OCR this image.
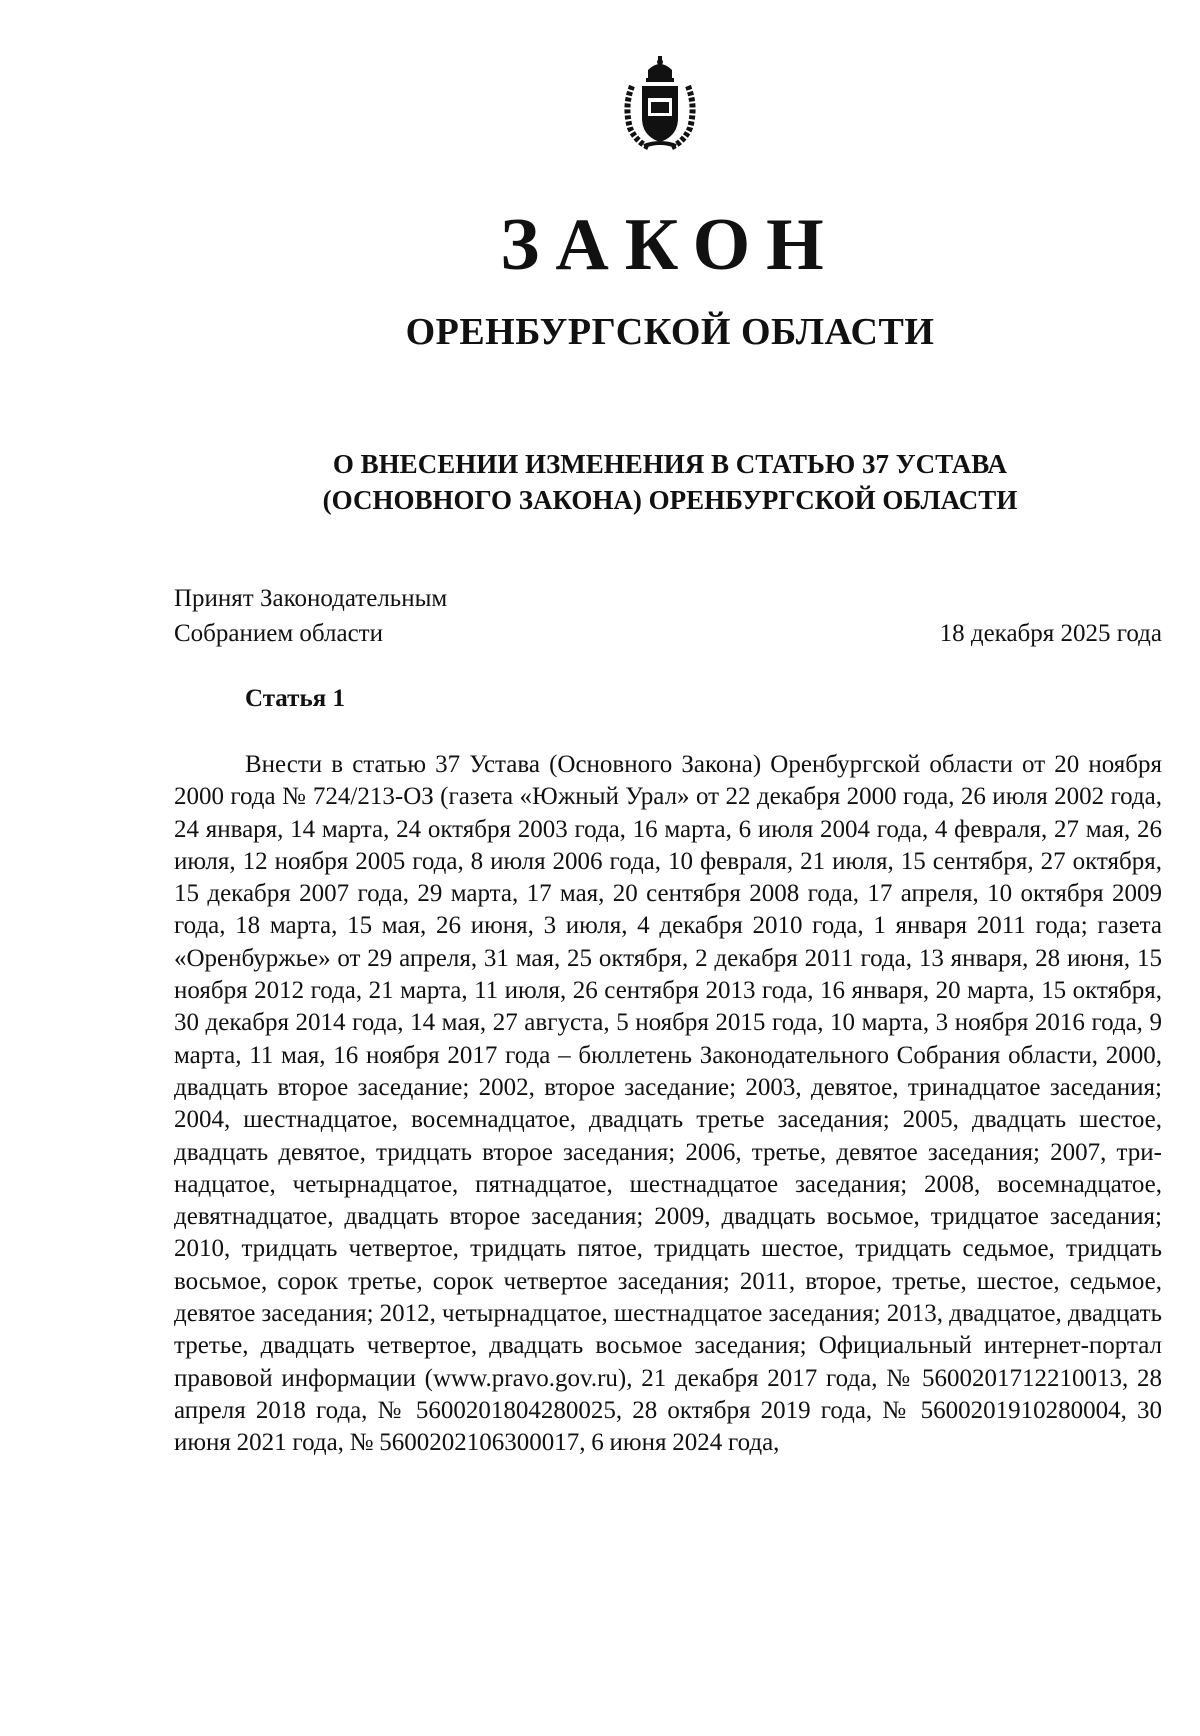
ЗАКОН
ОРЕНБУРГСКОЙ ОБЛАСТИ
О ВНЕСЕНИИ ИЗМЕНЕНИЯ В СТАТЬЮ 37 УСТАВА
(ОСНОВНОГО ЗАКОНА) ОРЕНБУРГСКОЙ ОБЛАСТИ
Принят Законодательным
Собранием области	18 декабря 2025 года
Статья 1
Внести в статью 37 Устава (Основного Закона) Оренбургской области от 20 ноября 2000 года № 724/213-ОЗ (газета «Южный Урал» от 22 декабря 2000 года, 26 июля 2002 года, 24 января, 14 марта, 24 октября 2003 года, 16 марта, 6 июля 2004 года, 4 февраля, 27 мая, 26 июля, 12 ноября 2005 года, 8 июля 2006 года, 10 февраля, 21 июля, 15 сентября, 27 октября, 15 декабря 2007 года, 29 марта, 17 мая, 20 сентября 2008 года, 17 апреля, 10 октября 2009 года, 18 марта, 15 мая, 26 июня, 3 июля, 4 декабря 2010 года, 1 января 2011 года; газета «Оренбуржье» от 29 апреля, 31 мая, 25 октября, 2 декабря 2011 года, 13 января, 28 июня, 15 ноября 2012 года, 21 марта, 11 июля, 26 сентября 2013 года, 16 января, 20 марта, 15 октября, 30 декабря 2014 года, 14 мая, 27 августа, 5 ноября 2015 года, 10 марта, 3 ноября 2016 года, 9 марта, 11 мая, 16 ноября 2017 года – бюллетень Законодательного Собрания области, 2000, двадцать второе заседание; 2002, второе заседание; 2003, девятое, тринадцатое заседания; 2004, шестнадцатое, восемнадцатое, двадцать третье заседания; 2005, двадцать шестое, двадцать девятое, тридцать второе заседания; 2006, третье, девятое заседания; 2007, тринадцатое, четырнадцатое, пятнадцатое, шестнадцатое заседания; 2008, восемнадцатое, девятнадцатое, двадцать второе заседания; 2009, двадцать восьмое, тридцатое заседания; 2010, тридцать четвертое, тридцать пятое, тридцать шестое, тридцать седьмое, тридцать восьмое, сорок третье, сорок четвертое заседания; 2011, второе, третье, шестое, седьмое, девятое заседания; 2012, четырнадцатое, шестнадцатое заседания; 2013, двадцатое, двадцать третье, двадцать четвертое, двадцать восьмое заседания; Официальный интернет-портал правовой информации (www.pravo.gov.ru), 21 декабря 2017 года, № 5600201712210013, 28 апреля 2018 года, № 5600201804280025, 28 октября 2019 года, № 5600201910280004, 30 июня 2021 года, № 5600202106300017, 6 июня 2024 года,
